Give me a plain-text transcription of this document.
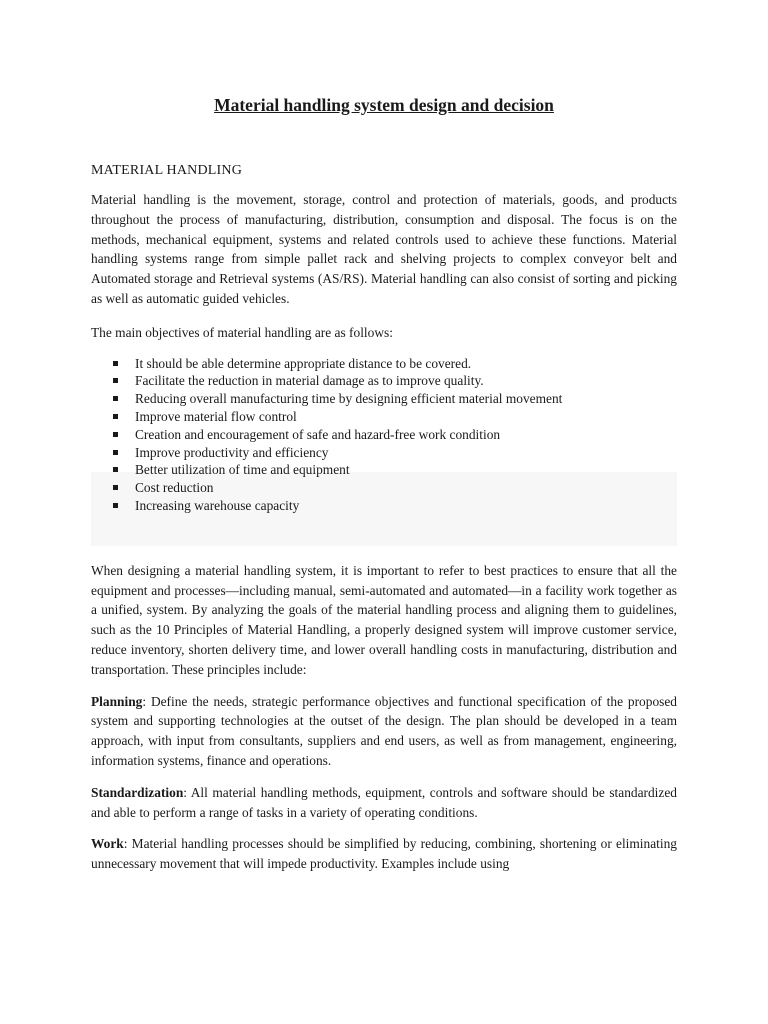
Material handling system design and decision
MATERIAL HANDLING

Material handling is the movement, storage, control and protection of materials, goods, and products throughout the process of manufacturing, distribution, consumption and disposal. The focus is on the methods, mechanical equipment, systems and related controls used to achieve these functions. Material handling systems range from simple pallet rack and shelving projects to complex conveyor belt and Automated storage and Retrieval systems (AS/RS). Material handling can also consist of sorting and picking as well as automatic guided vehicles.

The main objectives of material handling are as follows:

It should be able determine appropriate distance to be covered.
Facilitate the reduction in material damage as to improve quality.
Reducing overall manufacturing time by designing efficient material movement
Improve material flow control
Creation and encouragement of safe and hazard-free work condition
Improve productivity and efficiency
Better utilization of time and equipment
Cost reduction
Increasing warehouse capacity

When designing a material handling system, it is important to refer to best practices to ensure that all the equipment and processes—including manual, semi-automated and automated—in a facility work together as a unified, system. By analyzing the goals of the material handling process and aligning them to guidelines, such as the 10 Principles of Material Handling, a properly designed system will improve customer service, reduce inventory, shorten delivery time, and lower overall handling costs in manufacturing, distribution and transportation. These principles include:

Planning: Define the needs, strategic performance objectives and functional specification of the proposed system and supporting technologies at the outset of the design. The plan should be developed in a team approach, with input from consultants, suppliers and end users, as well as from management, engineering, information systems, finance and operations.

Standardization: All material handling methods, equipment, controls and software should be standardized and able to perform a range of tasks in a variety of operating conditions.

Work: Material handling processes should be simplified by reducing, combining, shortening or eliminating unnecessary movement that will impede productivity. Examples include using
